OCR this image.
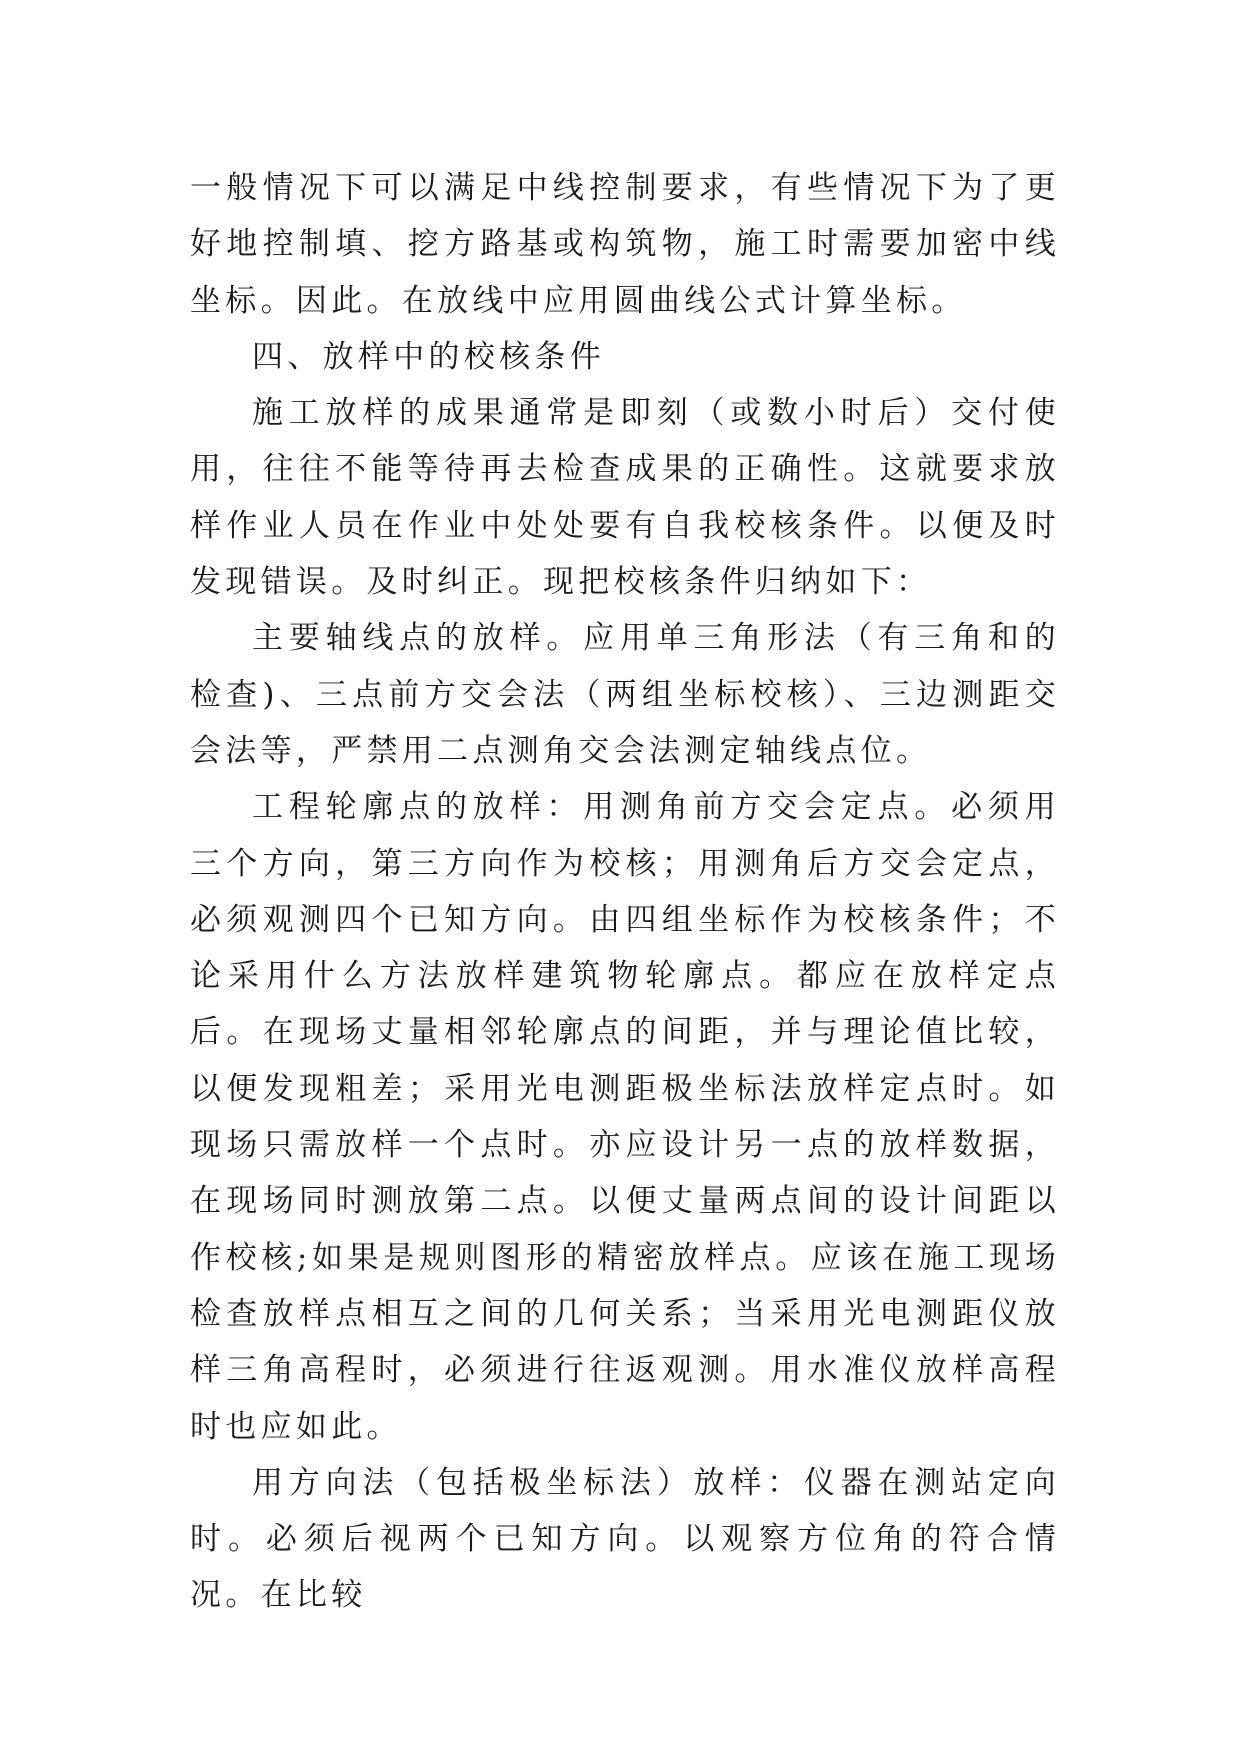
一般情况下可以满足中线控制要求，有些情况下为了更好地控制填、挖方路基或构筑物，施工时需要加密中线坐标。因此。在放线中应用圆曲线公式计算坐标。

四、放样中的校核条件

施工放样的成果通常是即刻（或数小时后）交付使用，往往不能等待再去检查成果的正确性。这就要求放样作业人员在作业中处处要有自我校核条件。以便及时发现错误。及时纠正。现把校核条件归纳如下：

主要轴线点的放样。应用单三角形法（有三角和的检查)、三点前方交会法（两组坐标校核）、三边测距交会法等，严禁用二点测角交会法测定轴线点位。

工程轮廓点的放样：用测角前方交会定点。必须用三个方向，第三方向作为校核；用测角后方交会定点，必须观测四个已知方向。由四组坐标作为校核条件；不论采用什么方法放样建筑物轮廓点。都应在放样定点后。在现场丈量相邻轮廓点的间距，并与理论值比较，以便发现粗差；采用光电测距极坐标法放样定点时。如现场只需放样一个点时。亦应设计另一点的放样数据，在现场同时测放第二点。以便丈量两点间的设计间距以作校核;如果是规则图形的精密放样点。应该在施工现场检查放样点相互之间的几何关系；当采用光电测距仪放样三角高程时，必须进行往返观测。用水准仪放样高程时也应如此。

用方向法（包括极坐标法）放样：仪器在测站定向时。必须后视两个已知方向。以观察方位角的符合情况。在比较
